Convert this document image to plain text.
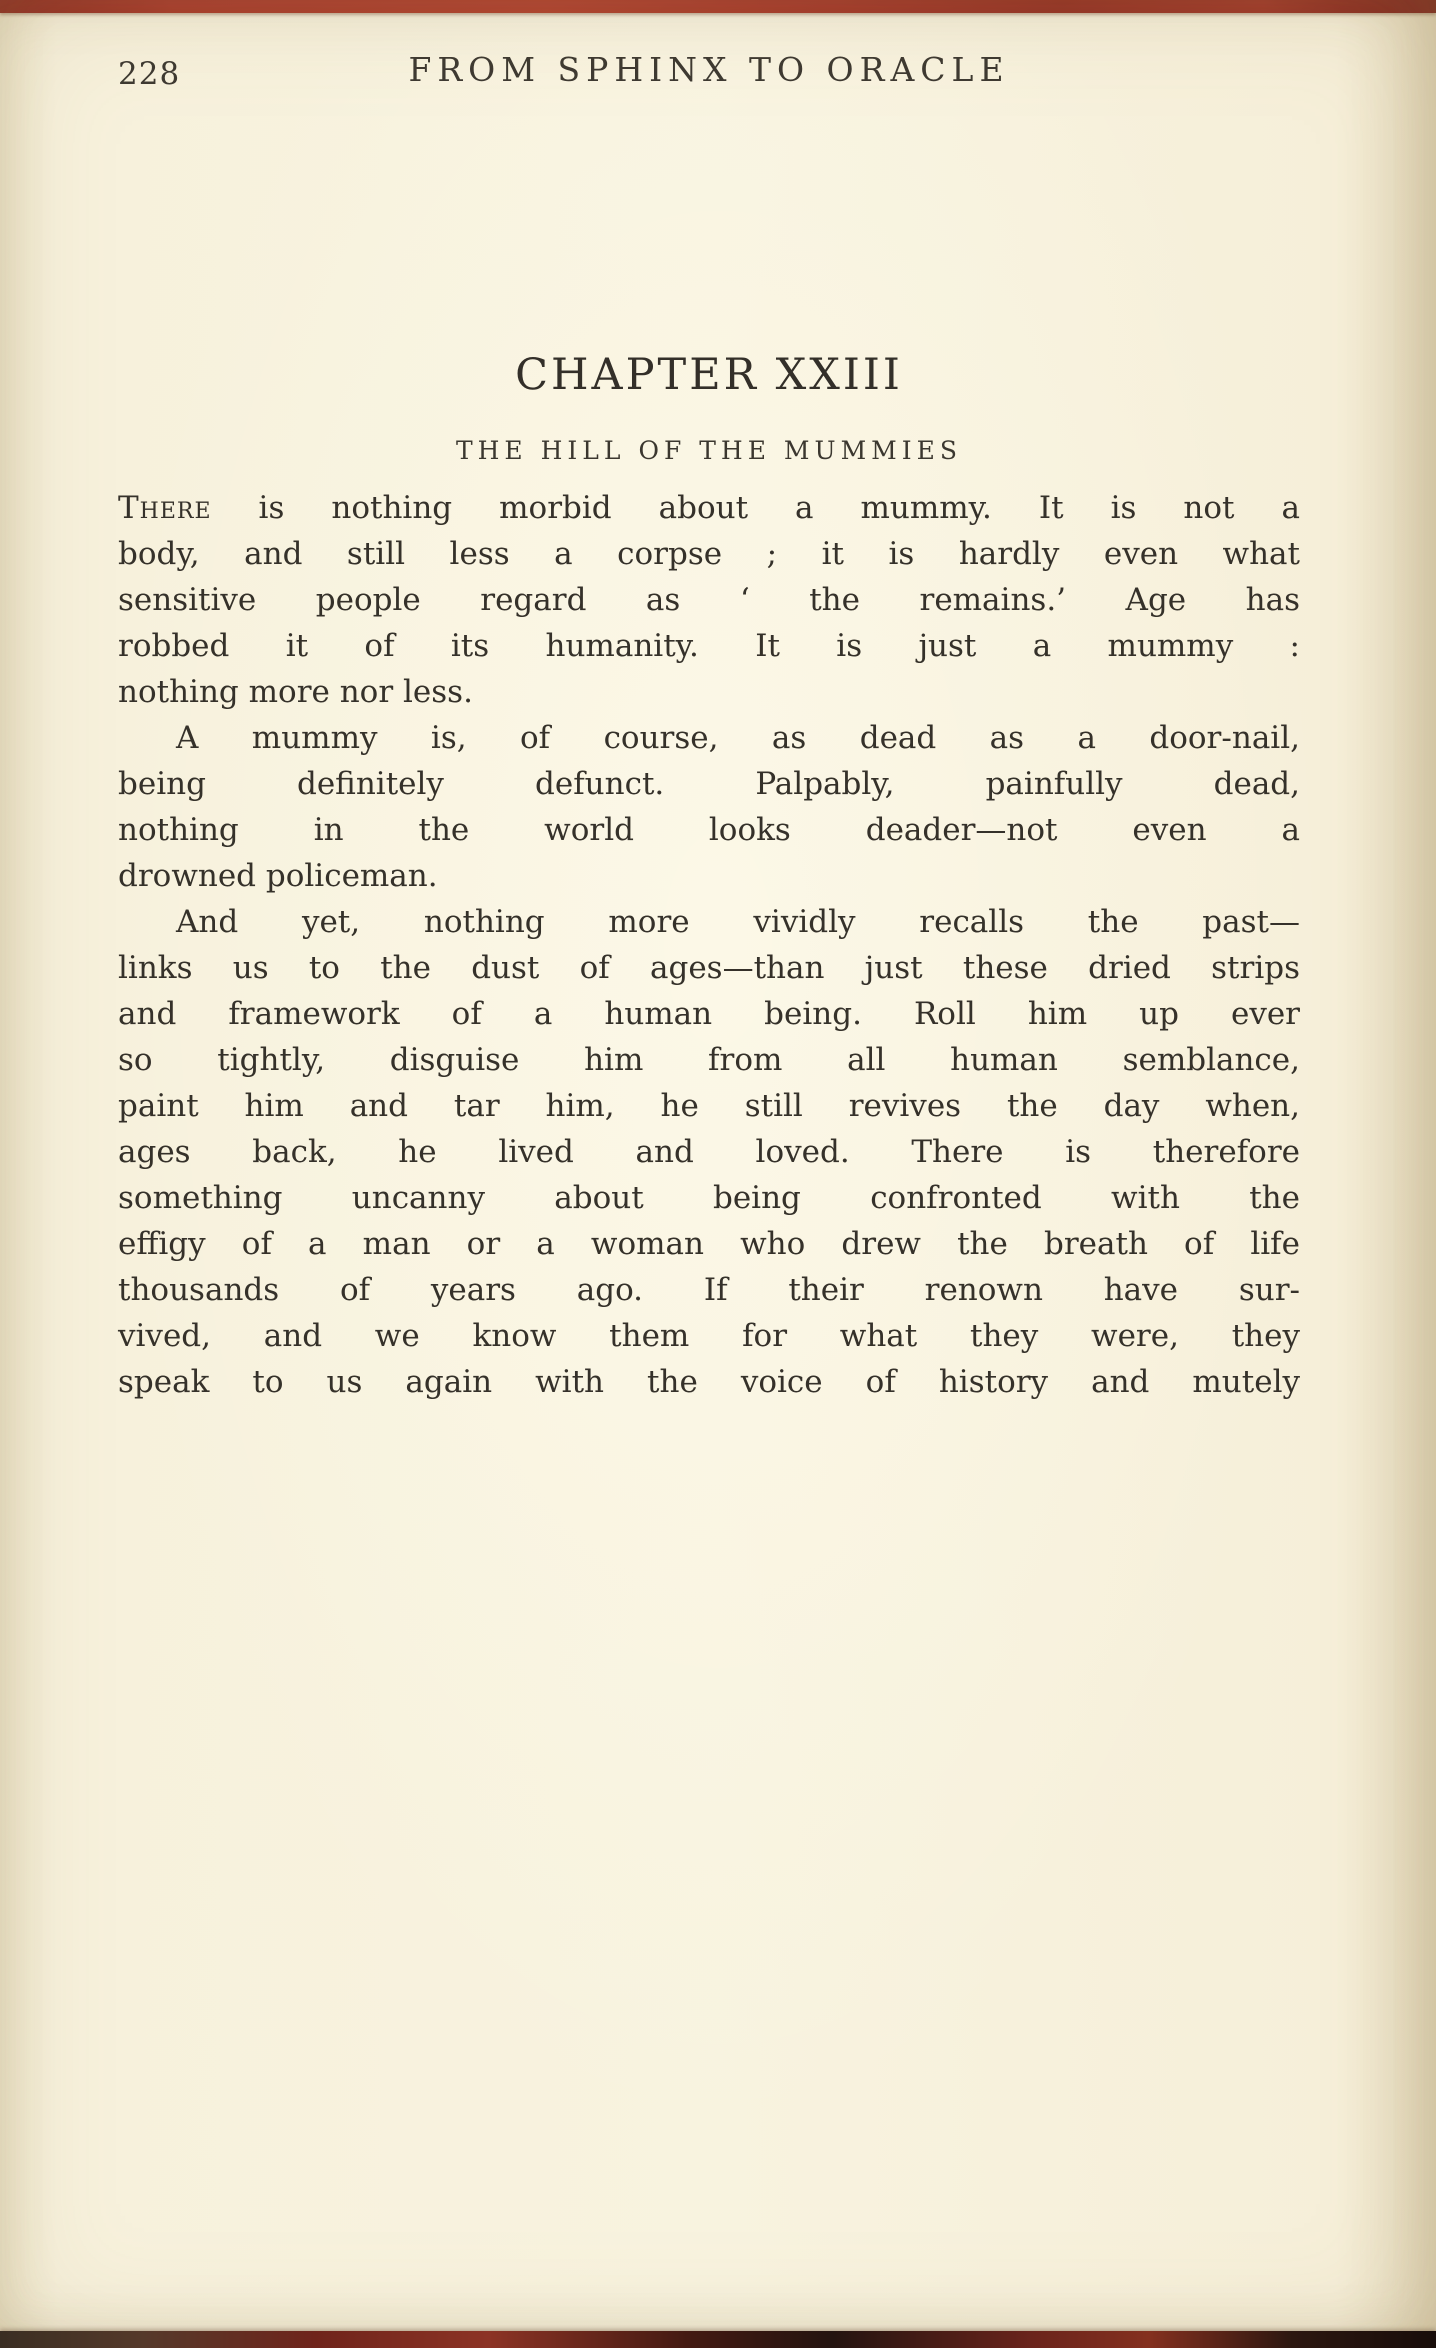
228	FROM SPHINX TO ORACLE
CHAPTER XXIII
THE HILL OF THE MUMMIES
There is nothing morbid about a mummy. It is not a
body, and still less a corpse ; it is hardly even what
sensitive people regard as ‘ the remains.’ Age has
robbed it of its humanity. It is just a mummy :
nothing more nor less.
A mummy is, of course, as dead as a door-nail,
being definitely defunct. Palpably, painfully dead,
nothing in the world looks deader—not even a
drowned policeman.
And yet, nothing more vividly recalls the past—
links us to the dust of ages—than just these dried strips
and framework of a human being. Roll him up ever
so tightly, disguise him from all human semblance,
paint him and tar him, he still revives the day when,
ages back, he lived and loved. There is therefore
something uncanny about being confronted with the
effigy of a man or a woman who drew the breath of life
thousands of years ago. If their renown have sur-
vived, and we know them for what they were, they
speak to us again with the voice of history and mutely
